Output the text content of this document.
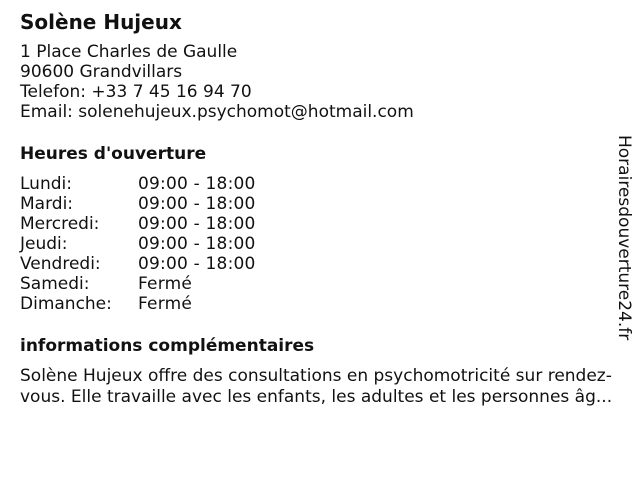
Solène Hujeux
1 Place Charles de Gaulle
90600 Grandvillars
Telefon: +33 7 45 16 94 70
Email: solenehujeux.psychomot@hotmail.com
Heures d'ouverture
Lundi:	09:00 - 18:00
Mardi:	09:00 - 18:00
Mercredi:	09:00 - 18:00
Jeudi:	09:00 - 18:00
Vendredi:	09:00 - 18:00
Samedi:	Fermé
Dimanche:	Fermé
informations complémentaires
Solène Hujeux offre des consultations en psychomotricité sur rendez-
vous. Elle travaille avec les enfants, les adultes et les personnes âg...
Horairesdouverture24.fr
